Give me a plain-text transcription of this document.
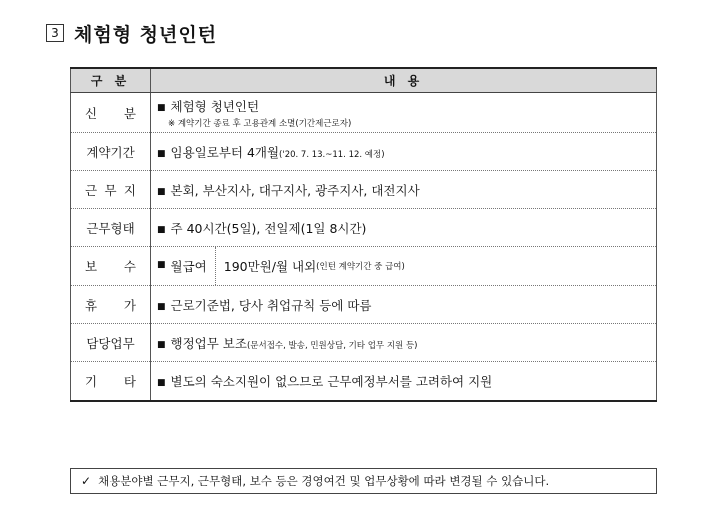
3 체험형 청년인턴
구 분	내 용
신 분	■ 체험형 청년인턴
※ 계약기간 종료 후 고용관계 소멸(기간제근로자)

계약기간	■ 임용일로부터 4개월('20. 7. 13.~11. 12. 예정)
근 무 지	■ 본회, 부산지사, 대구지사, 광주지사, 대전지사
근무형태	■ 주 40시간(5일), 전일제(1일 8시간)
보 수	■ 월급여 190만원/월 내외 (인턴 계약기간 중 급여)

휴 가	■ 근로기준법, 당사 취업규칙 등에 따름
담당업무	■ 행정업무 보조(문서접수, 발송, 민원상담, 기타 업무 지원 등)
기 타	■ 별도의 숙소지원이 없으므로 근무예정부서를 고려하여 지원
✓ 채용분야별 근무지, 근무형태, 보수 등은 경영여건 및 업무상황에 따라 변경될 수 있습니다.
